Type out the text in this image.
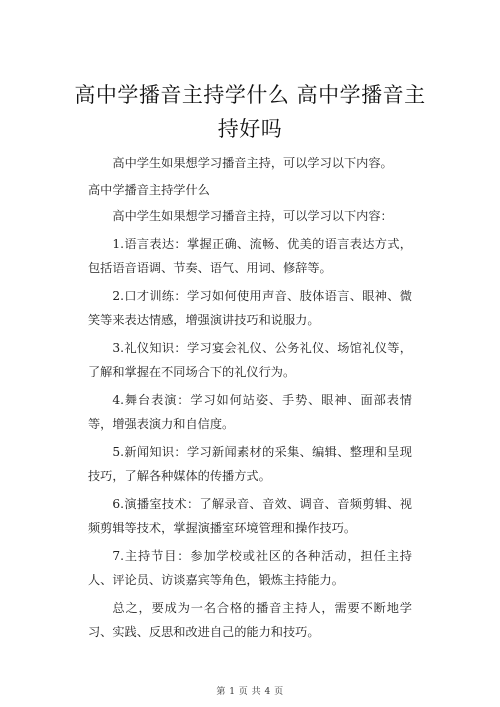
高中学播音主持学什么 高中学播音主持好吗

高中学生如果想学习播音主持，可以学习以下内容。

高中学播音主持学什么

高中学生如果想学习播音主持，可以学习以下内容：

1.语言表达：掌握正确、流畅、优美的语言表达方式，包括语音语调、节奏、语气、用词、修辞等。

2.口才训练：学习如何使用声音、肢体语言、眼神、微笑等来表达情感，增强演讲技巧和说服力。

3.礼仪知识：学习宴会礼仪、公务礼仪、场馆礼仪等，了解和掌握在不同场合下的礼仪行为。

4.舞台表演：学习如何站姿、手势、眼神、面部表情等，增强表演力和自信度。

5.新闻知识：学习新闻素材的采集、编辑、整理和呈现技巧，了解各种媒体的传播方式。

6.演播室技术：了解录音、音效、调音、音频剪辑、视频剪辑等技术，掌握演播室环境管理和操作技巧。

7.主持节目：参加学校或社区的各种活动，担任主持人、评论员、访谈嘉宾等角色，锻炼主持能力。

总之，要成为一名合格的播音主持人，需要不断地学习、实践、反思和改进自己的能力和技巧。

第 1 页 共 4 页
